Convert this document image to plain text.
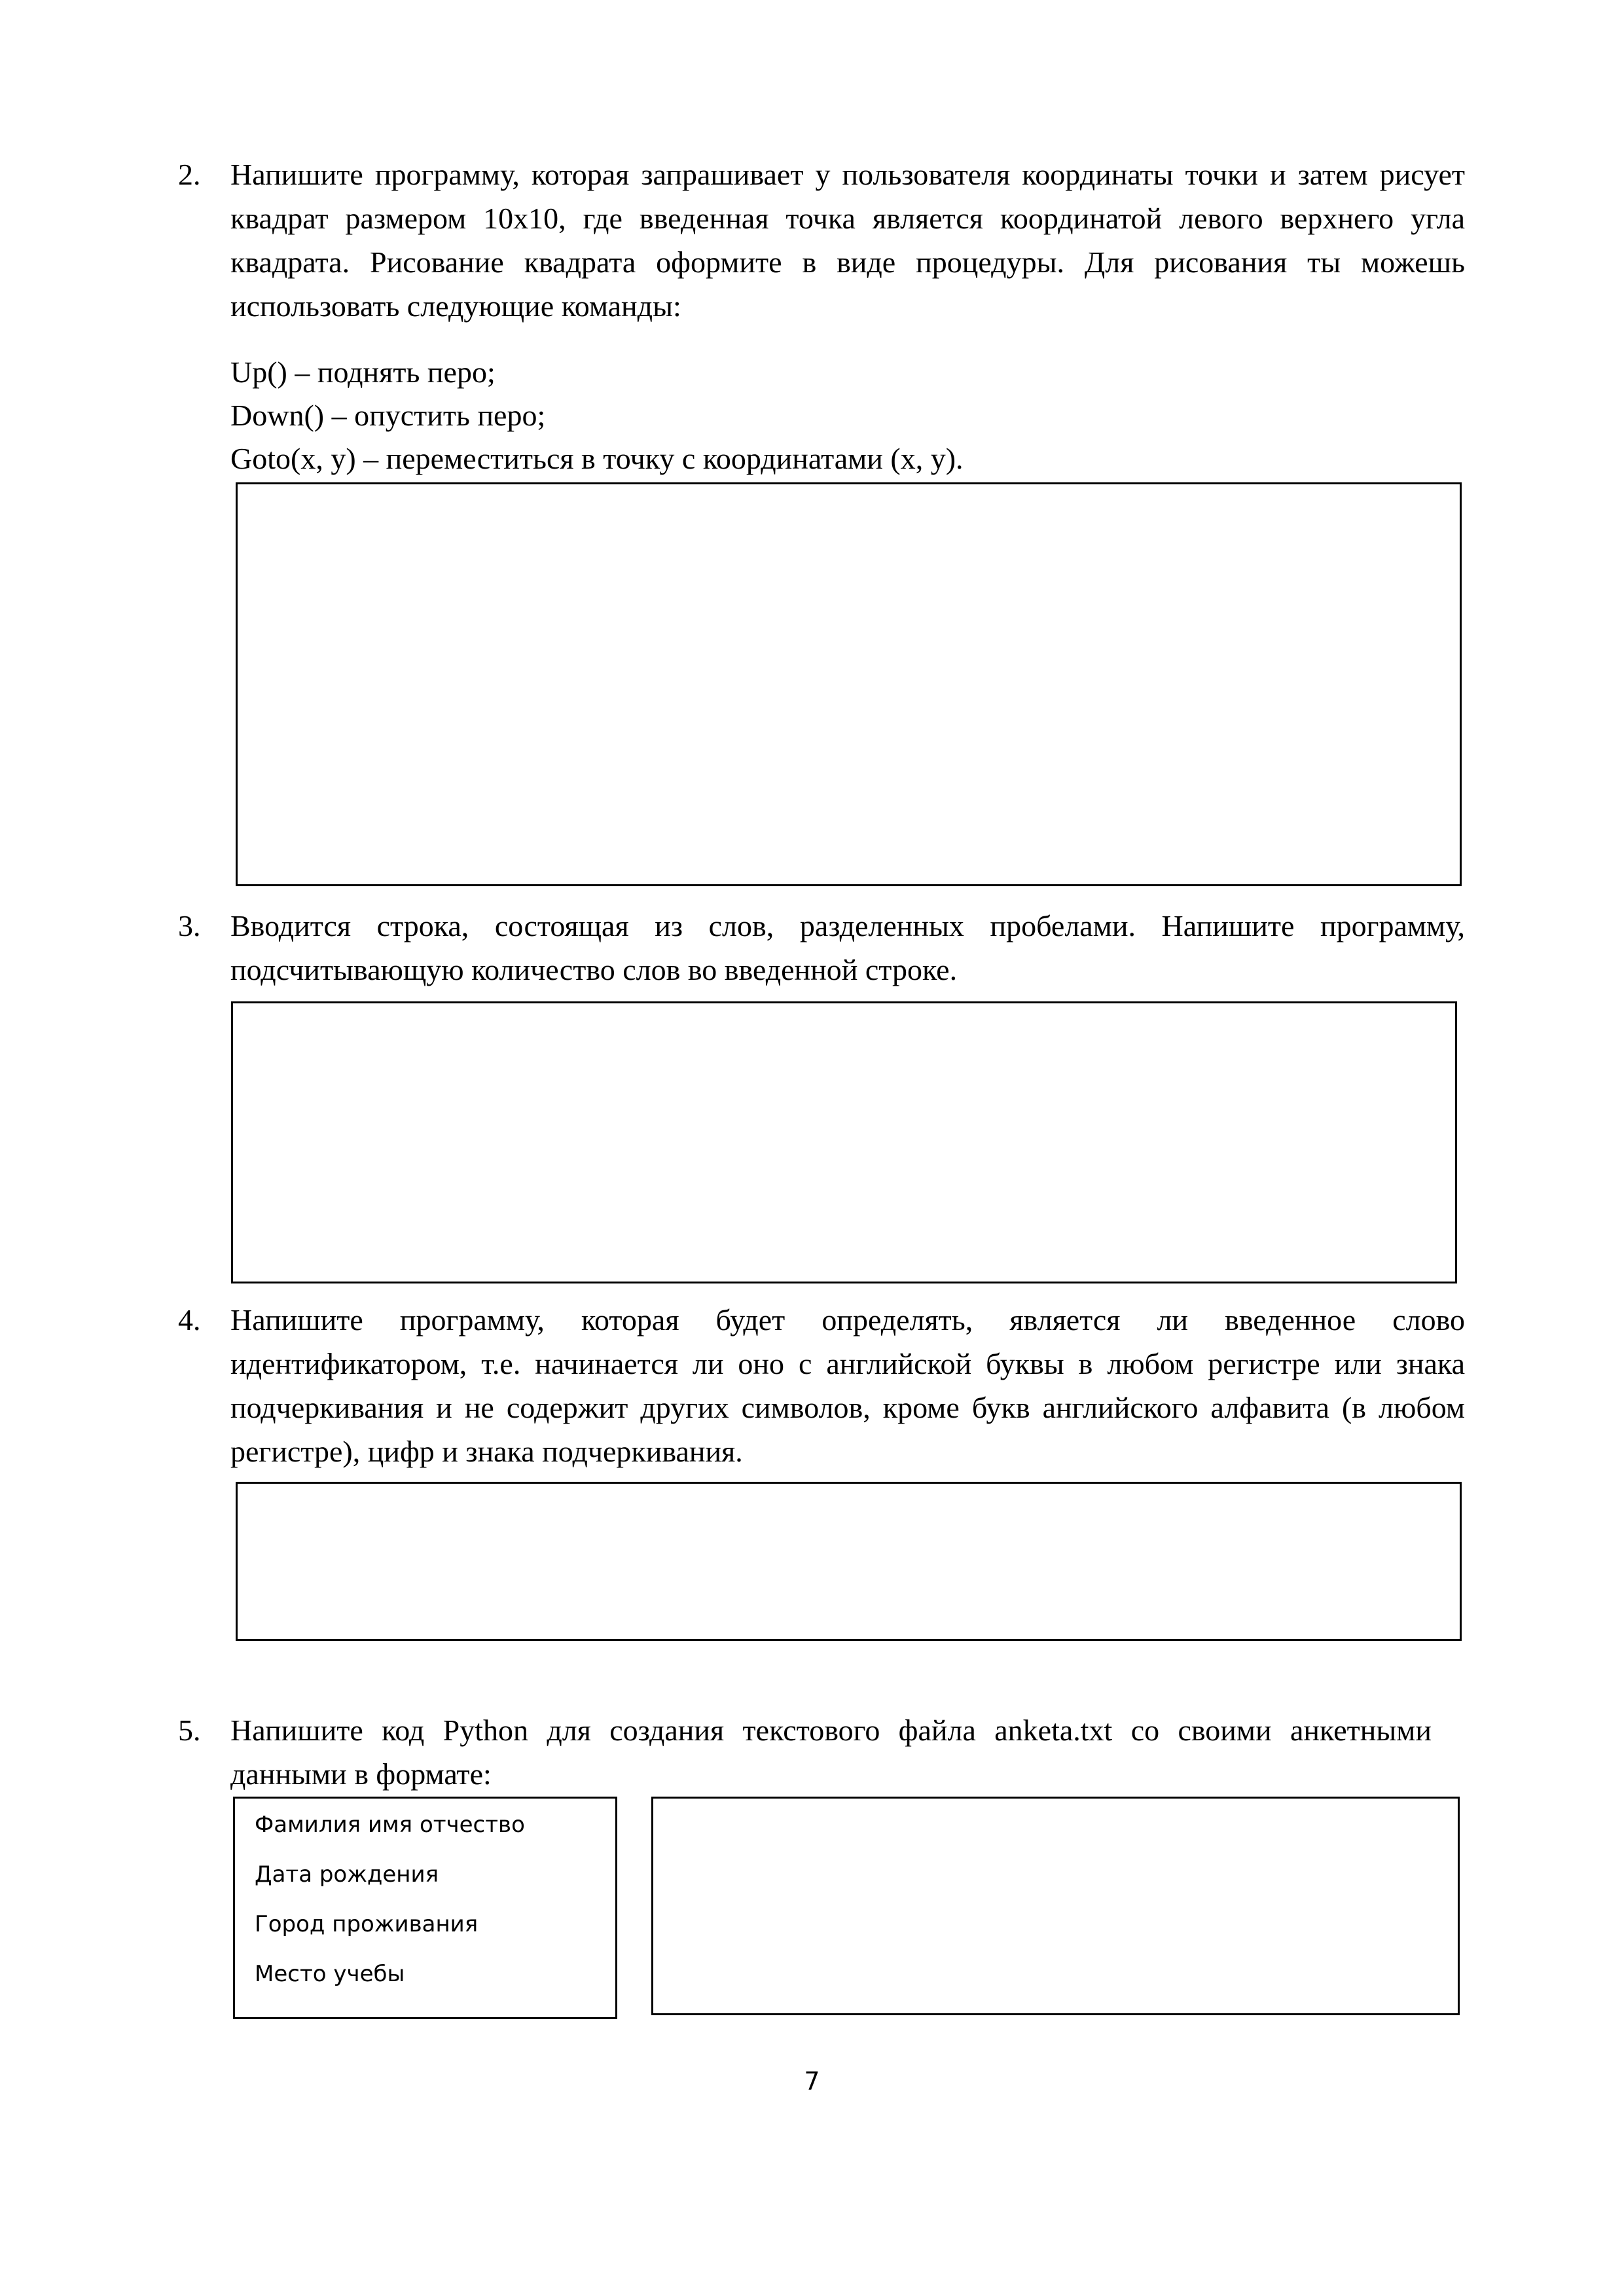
2. Напишите программу, которая запрашивает у пользователя координаты точки и затем рисует квадрат размером 10x10, где введенная точка является координатой левого верхнего угла квадрата. Рисование квадрата оформите в виде процедуры. Для рисования ты можешь использовать следующие команды:
Up() – поднять перо;
Down() – опустить перо;
Goto(x, y) – переместиться в точку с координатами (x, y).
3. Вводится строка, состоящая из слов, разделенных пробелами. Напишите программу, подсчитывающую количество слов во введенной строке.
4. Напишите программу, которая будет определять, является ли введенное слово идентификатором, т.е. начинается ли оно с английской буквы в любом регистре или знака подчеркивания и не содержит других символов, кроме букв английского алфавита (в любом регистре), цифр и знака подчеркивания.
5. Напишите код Python для создания текстового файла anketa.txt со своими анкетными данными в формате:
Фамилия имя отчество
Дата рождения
Город проживания
Место учебы
7
